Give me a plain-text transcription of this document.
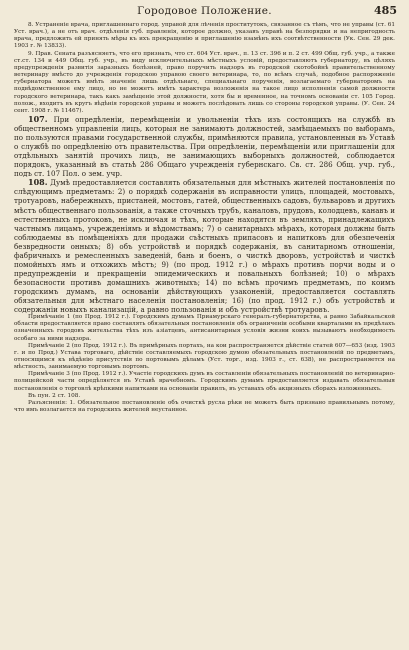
Городовое Положение.	485

8. Устраненіе врача, приглашеннаго город. управой для лѣченія проститутокъ, связанное съ тѣмъ, что не управы (ст. 61 Уст. врач.), а не отъ врач. отдѣленія губ. правленія, которое должно, указавъ управѣ на безпорядки и на непригодность врача, предложить ей принять мѣры къ ихъ прекращенію и приглашенію взамѣнъ ихъ соотвѣтственности (Ук. Сен. 29 дек. 1903 г. № 13833).

9. Прав. Сената разъясняетъ, что его признать, что ст. 604 Уст. врач., п. 13 ст. 396 и п. 2 ст. 499 Общ. губ. учр., а также ст.ст. 134 и 449 Общ. губ. учр., въ виду исключительныхъ мѣстныхъ условій, предоставляютъ губернатору, въ цѣляхъ предупрежденія развитія заразныхъ болѣзней, право поручить надзоръ въ городской скотобойнѣ правительственному ветеринару вмѣсто до учрежденія городскою управою своего ветеринара, то, по всѣмъ случаѣ, подобное распоряженіе губернатора можетъ имѣть значеніе лишь отдѣльнаго, специальнаго порученія, возлагаемаго губернаторомъ на подвѣдомственное ему лицо, но не можетъ имѣть характера возложенія на такое лицо исполненія самой должности городского ветеринара, такъ какъ замѣщеніе этой должности, хотя бы и временное, на точномъ основаніи ст. 105 Город. полож., входитъ въ кругъ вѣдѣнія городской управы и можетъ послѣдовать лишь со стороны городской управы. (У. Сен. 24 сент. 1908 г. № 11467).

107. При опредѣленіи, перемѣщеніи и увольненіи тѣхъ изъ состоящихъ на службѣ въ общественномъ управленіи лицъ, которыя не занимаютъ должностей, замѣщаемыхъ по выборамъ, по пользуются правами государственной службы, примѣняются правила, установленныя въ Уставѣ о службѣ по опредѣленію отъ правительства. При опредѣленіи, перемѣщеніи или приглашеніи для отдѣльныхъ занятій прочихъ лицъ, не занимающихъ выборныхъ должностей, соблюдается порядокъ, указанный въ статьѣ 286 Общаго учрежденія губернскаго. Св. ст. 286 Общ. учр. губ., подъ ст. 107 Пол. о зем. учр.

108. Думѣ предоставляется составлять обязательныя для мѣстныхъ жителей постановленія по слѣдующимъ предметамъ: 2) о порядкѣ содержанія въ исправности улицъ, площадей, мостовыхъ, тротуаровъ, набережныхъ, пристаней, мостовъ, гатей, общественныхъ садовъ, бульваровъ и другихъ мѣстъ общественнаго пользованія, а также сточныхъ трубъ, каналовъ, прудовъ, колодцевъ, канавъ и естественныхъ протоковъ, не исключая и тѣхъ, которые находятся въ земляхъ, принадлежащихъ частнымъ лицамъ, учрежденіямъ и вѣдомствамъ; 7) о санитарныхъ мѣрахъ, которыя должны быть соблюдаемы въ помѣщеніяхъ для продажи съѣстныхъ припасовъ и напитковъ для обезпеченія безвредности онныхъ; 8) объ устройствѣ и порядкѣ содержанія, въ санитарномъ отношеніи, фабричныхъ и ремесленныхъ заведеній, бань и боенъ, о чисткѣ дворовъ, устройствѣ и чисткѣ помойныхъ ямъ и отхожихъ мѣстъ; 9) (по прод. 1912 г.) о мѣрахъ противъ порчи воды и о предупрежденіи и прекращеніи эпидемическихъ и повальныхъ болѣзней; 10) о мѣрахъ безопасности противъ домашнихъ животныхъ; 14) по всѣмъ прочимъ предметамъ, по коимъ городскимъ думамъ, на основаніи дѣйствующихъ узаконеній, предоставляется составлять обязательныя для мѣстнаго населенія постановленія; 16) (по прод. 1912 г.) объ устройствѣ и содержаніи новыхъ канализацій, а равно пользованія и объ устройствѣ тротуаровъ.

Примѣчаніе 1 (по Прод. 1912 г.). Городскимъ думамъ Приамурскаго генералъ-губернаторства, а равно Забайкальской области предоставляется право составлять обязательныя постановленія объ ограниченіи особыми кварталами въ предѣлахъ означенныхъ городовъ жительства тѣхъ изъ азіатцевъ, антисанитарныя условія жизни коихъ вызываютъ необходимость особаго за ними надзора.

Примѣчаніе 2 (по Прод. 1912 г.). Въ примѣрныхъ портахъ, на кои распространяется дѣйствіе статей 607—653 (изд. 1903 г. и по Прод.) Устава торговаго, дѣйствіе составляемыхъ городскою думою обязательныхъ постановленій по предметамъ, относящимся къ вѣдѣнію присутствія по портовымъ дѣламъ (Уст. торг., изд. 1903 г., ст. 638), не распространяется на мѣстность, занимаемую торговымъ портомъ.

Примѣчаніе 3 (по Прод. 1912 г.). Участіе городскихъ думъ въ составленіи обязательныхъ постановленій по ветеринарно-полицейской части опредѣляется въ Уставѣ врачебномъ. Городскимъ думамъ предоставляется издавать обязательныя постановленія о торговлѣ крѣпкими напитками на основаніи правилъ, въ уставахъ объ акцизныхъ сборахъ изложенныхъ.

Въ пун. 2 ст. 108.

Разъясненія: 1. Обязательное постановленіе объ очисткѣ русла рѣки не можетъ быть признано правильнымъ потому, что имъ возлагается на городскихъ жителей неустанное.
